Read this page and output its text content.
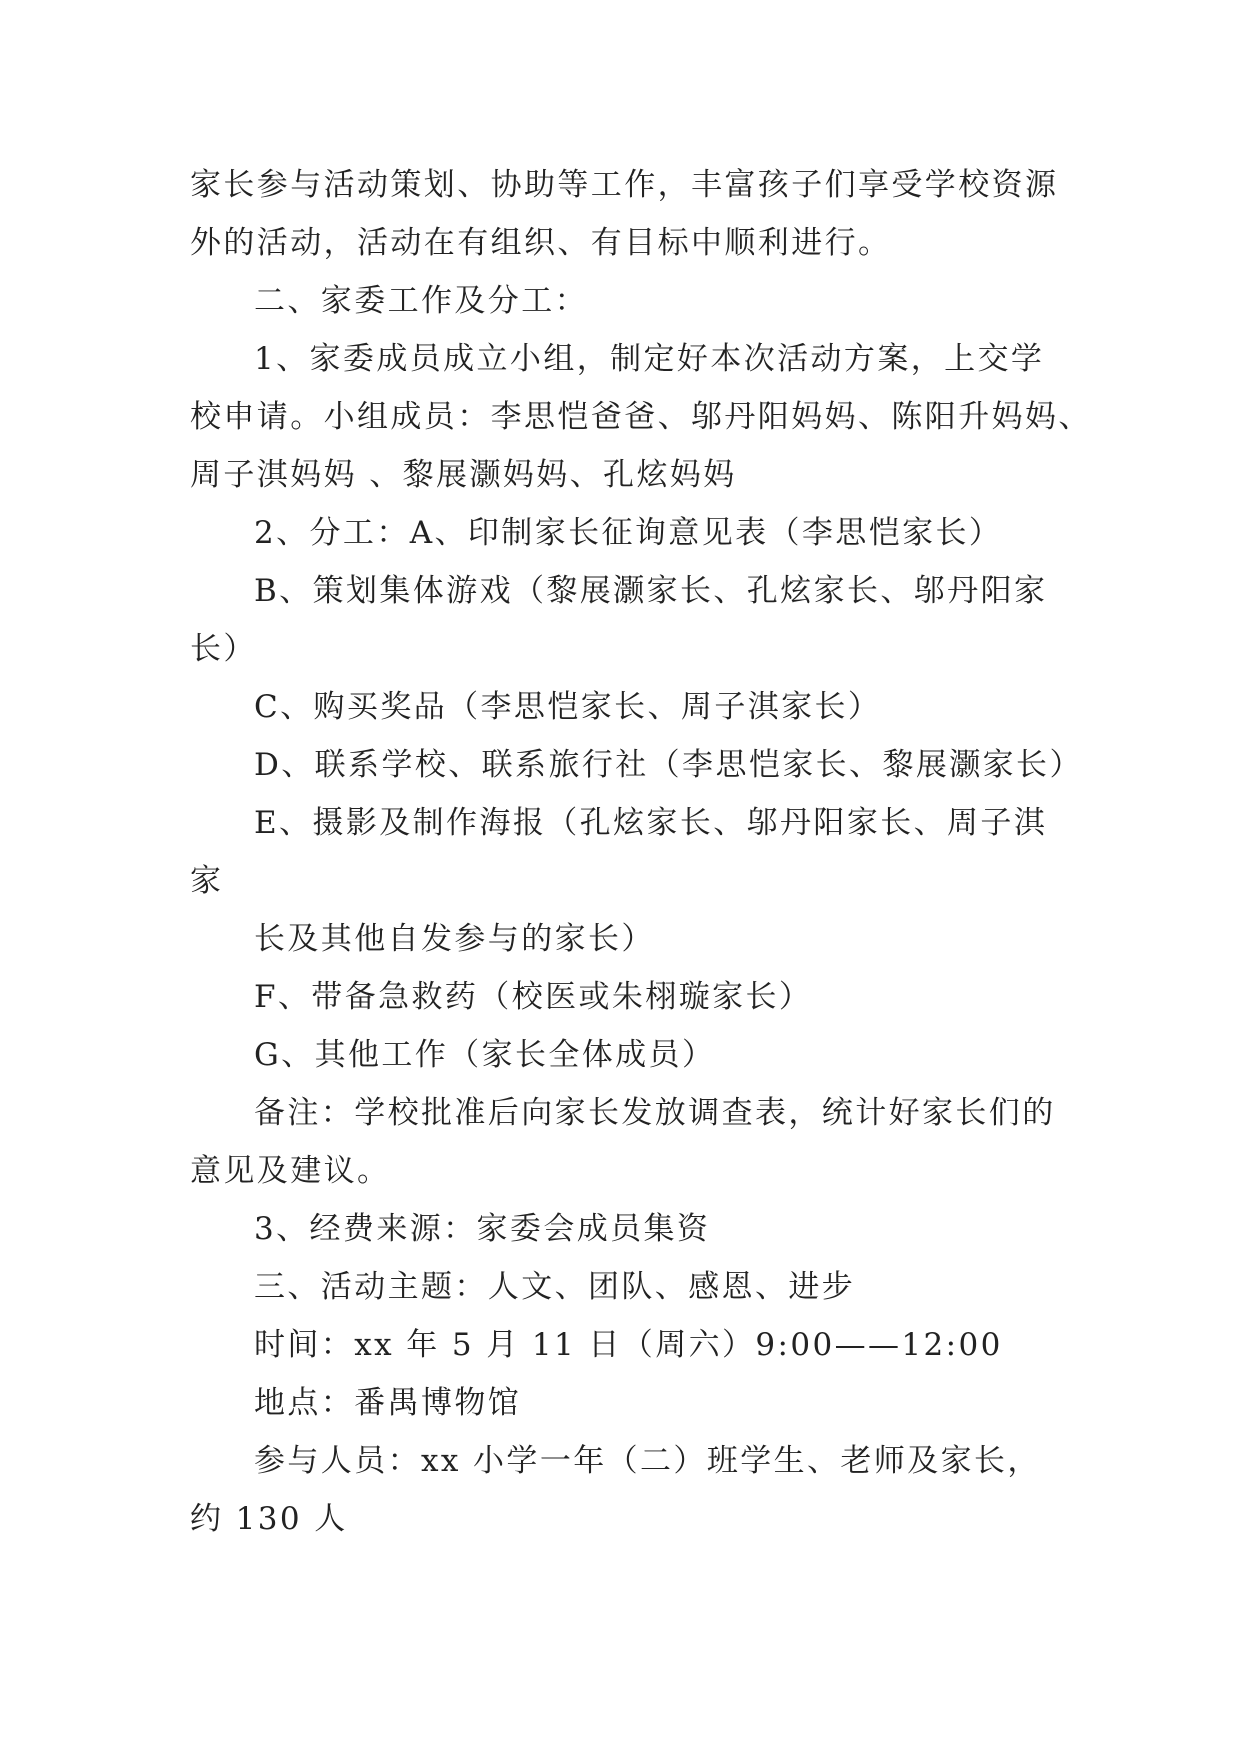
家长参与活动策划、协助等工作，丰富孩子们享受学校资源
外的活动，活动在有组织、有目标中顺利进行。
二、家委工作及分工：
1、家委成员成立小组，制定好本次活动方案，上交学
校申请。小组成员：李思恺爸爸、邬丹阳妈妈、陈阳升妈妈、
周子淇妈妈 、黎展灏妈妈、孔炫妈妈
2、分工：A、印制家长征询意见表（李思恺家长）
B、策划集体游戏（黎展灏家长、孔炫家长、邬丹阳家
长）
C、购买奖品（李思恺家长、周子淇家长）
D、联系学校、联系旅行社（李思恺家长、黎展灏家长）
E、摄影及制作海报（孔炫家长、邬丹阳家长、周子淇
家
长及其他自发参与的家长）
F、带备急救药（校医或朱栩璇家长）
G、其他工作（家长全体成员）
备注：学校批准后向家长发放调查表，统计好家长们的
意见及建议。
3、经费来源：家委会成员集资
三、活动主题：人文、团队、感恩、进步
时间：xx 年 5 月 11 日（周六）9:00——12:00
地点：番禺博物馆
参与人员：xx 小学一年（二）班学生、老师及家长，
约 130 人
